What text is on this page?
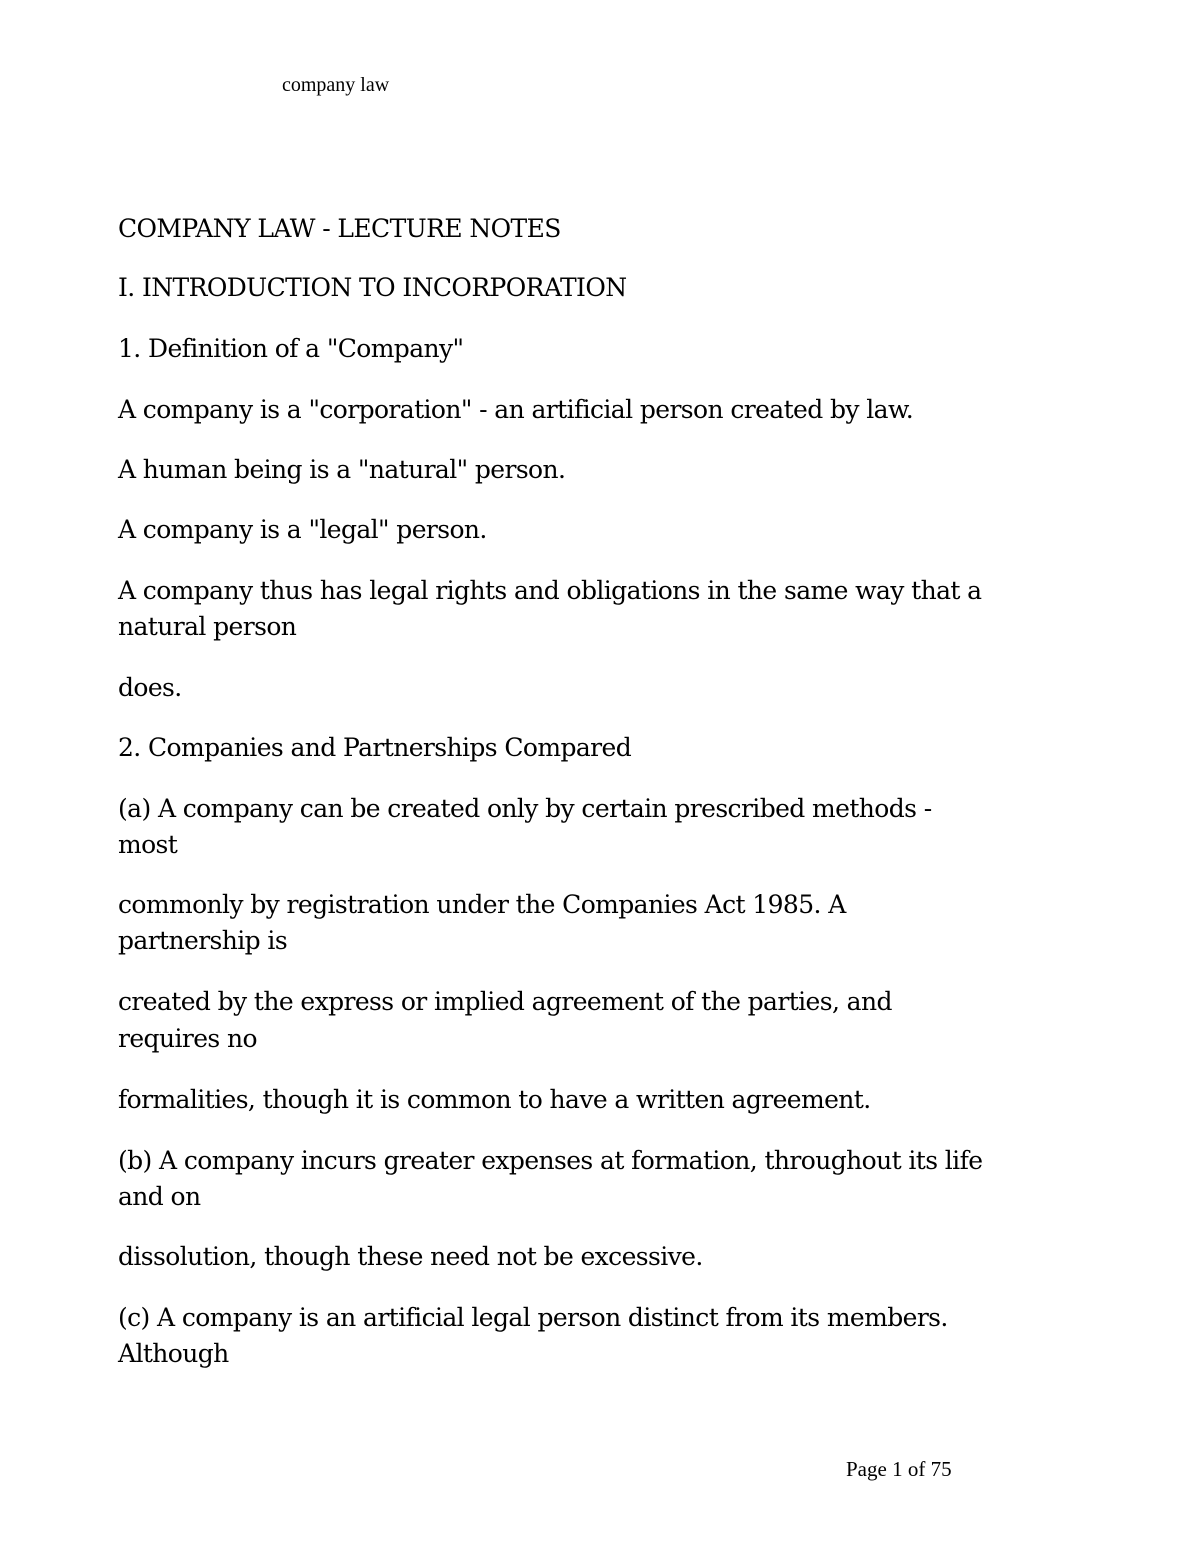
company law
COMPANY LAW - LECTURE NOTES
I. INTRODUCTION TO INCORPORATION
1. Definition of a "Company"
A company is a "corporation" - an artificial person created by law.
A human being is a "natural" person.
A company is a "legal" person.
A company thus has legal rights and obligations in the same way that a
natural person
does.
2. Companies and Partnerships Compared
(a) A company can be created only by certain prescribed methods -
most
commonly by registration under the Companies Act 1985. A
partnership is
created by the express or implied agreement of the parties, and
requires no
formalities, though it is common to have a written agreement.
(b) A company incurs greater expenses at formation, throughout its life
and on
dissolution, though these need not be excessive.
(c) A company is an artificial legal person distinct from its members.
Although
Page 1 of 75
